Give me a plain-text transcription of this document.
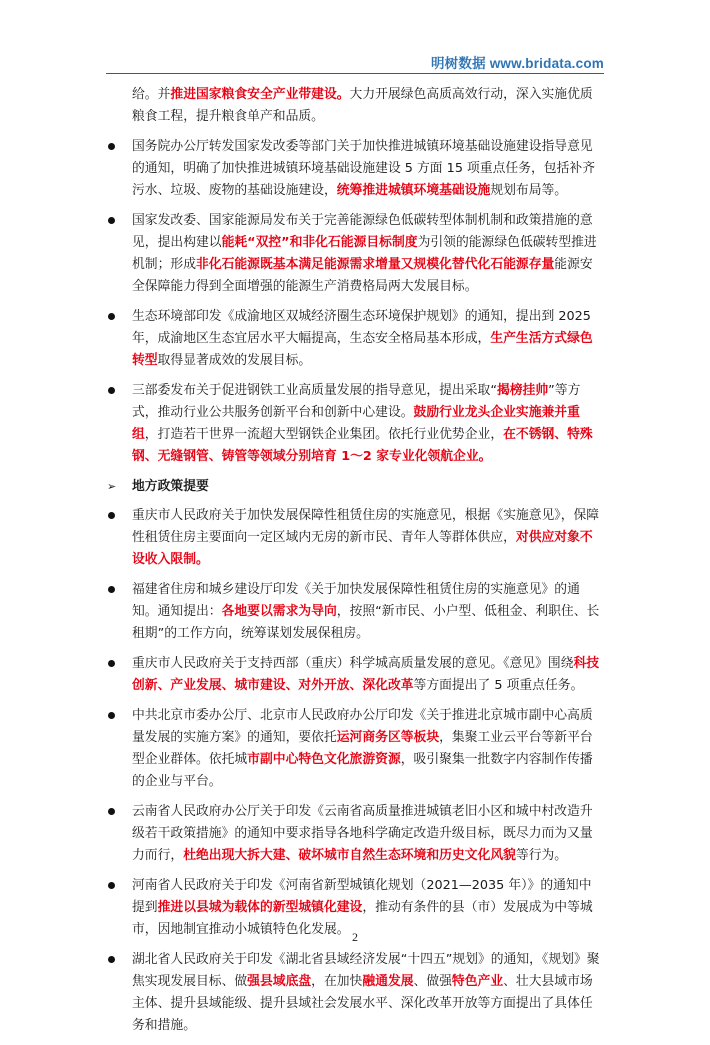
明树数据 www.bridata.com

给。并推进国家粮食安全产业带建设。大力开展绿色高质高效行动，深入实施优质粮食工程，提升粮食单产和品质。

国务院办公厅转发国家发改委等部门关于加快推进城镇环境基础设施建设指导意见的通知，明确了加快推进城镇环境基础设施建设 5 方面 15 项重点任务，包括补齐污水、垃圾、废物的基础设施建设，统筹推进城镇环境基础设施规划布局等。
国家发改委、国家能源局发布关于完善能源绿色低碳转型体制机制和政策措施的意见，提出构建以能耗“双控”和非化石能源目标制度为引领的能源绿色低碳转型推进机制；形成非化石能源既基本满足能源需求增量又规模化替代化石能源存量能源安全保障能力得到全面增强的能源生产消费格局两大发展目标。
生态环境部印发《成渝地区双城经济圈生态环境保护规划》的通知，提出到 2025 年，成渝地区生态宜居水平大幅提高，生态安全格局基本形成，生产生活方式绿色转型取得显著成效的发展目标。
三部委发布关于促进钢铁工业高质量发展的指导意见，提出采取“揭榜挂帅”等方式，推动行业公共服务创新平台和创新中心建设。鼓励行业龙头企业实施兼并重组，打造若干世界一流超大型钢铁企业集团。依托行业优势企业，在不锈钢、特殊钢、无缝钢管、铸管等领域分别培育 1～2 家专业化领航企业。
➢ 地方政策提要
重庆市人民政府关于加快发展保障性租赁住房的实施意见，根据《实施意见》，保障性租赁住房主要面向一定区域内无房的新市民、青年人等群体供应，对供应对象不设收入限制。
福建省住房和城乡建设厅印发《关于加快发展保障性租赁住房的实施意见》的通知。通知提出：各地要以需求为导向，按照“新市民、小户型、低租金、利职住、长租期”的工作方向，统筹谋划发展保租房。
重庆市人民政府关于支持西部（重庆）科学城高质量发展的意见。《意见》围绕科技创新、产业发展、城市建设、对外开放、深化改革等方面提出了 5 项重点任务。
中共北京市委办公厅、北京市人民政府办公厅印发《关于推进北京城市副中心高质量发展的实施方案》的通知，要依托运河商务区等板块，集聚工业云平台等新平台型企业群体。依托城市副中心特色文化旅游资源，吸引聚集一批数字内容制作传播的企业与平台。
云南省人民政府办公厅关于印发《云南省高质量推进城镇老旧小区和城中村改造升级若干政策措施》的通知中要求指导各地科学确定改造升级目标，既尽力而为又量力而行，杜绝出现大拆大建、破坏城市自然生态环境和历史文化风貌等行为。
河南省人民政府关于印发《河南省新型城镇化规划（2021—2035 年）》的通知中提到推进以县城为载体的新型城镇化建设，推动有条件的县（市）发展成为中等城市，因地制宜推动小城镇特色化发展。
湖北省人民政府关于印发《湖北省县域经济发展“十四五”规划》的通知，《规划》聚焦实现发展目标、做强县域底盘，在加快融通发展、做强特色产业、壮大县域市场主体、提升县域能级、提升县域社会发展水平、深化改革开放等方面提出了具体任务和措施。
2
